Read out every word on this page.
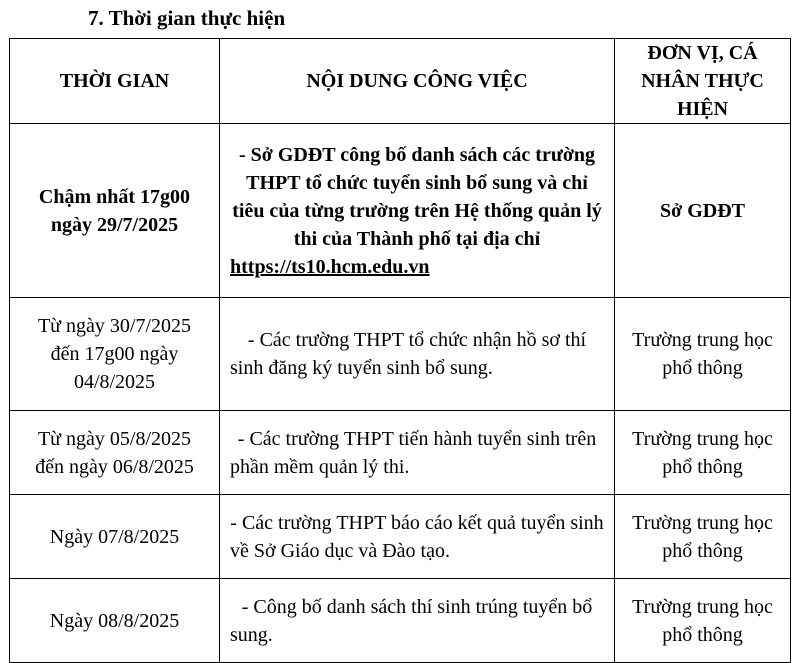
7. Thời gian thực hiện
THỜI GIAN	NỘI DUNG CÔNG VIỆC	ĐƠN VỊ, CÁ NHÂN THỰC HIỆN
Chậm nhất 17g00 ngày 29/7/2025	- Sở GDĐT công bố danh sách các trường THPT tổ chức tuyển sinh bổ sung và chỉ tiêu của từng trường trên Hệ thống quản lý thi của Thành phố tại địa chỉ https://ts10.hcm.edu.vn	Sở GDĐT
Từ ngày 30/7/2025 đến 17g00 ngày 04/8/2025	- Các trường THPT tổ chức nhận hồ sơ thí sinh đăng ký tuyển sinh bổ sung.	Trường trung học phổ thông
Từ ngày 05/8/2025 đến ngày 06/8/2025	- Các trường THPT tiến hành tuyển sinh trên phần mềm quản lý thi.	Trường trung học phổ thông
Ngày 07/8/2025	- Các trường THPT báo cáo kết quả tuyển sinh về Sở Giáo dục và Đào tạo.	Trường trung học phổ thông
Ngày 08/8/2025	- Công bố danh sách thí sinh trúng tuyển bổ sung.	Trường trung học phổ thông
